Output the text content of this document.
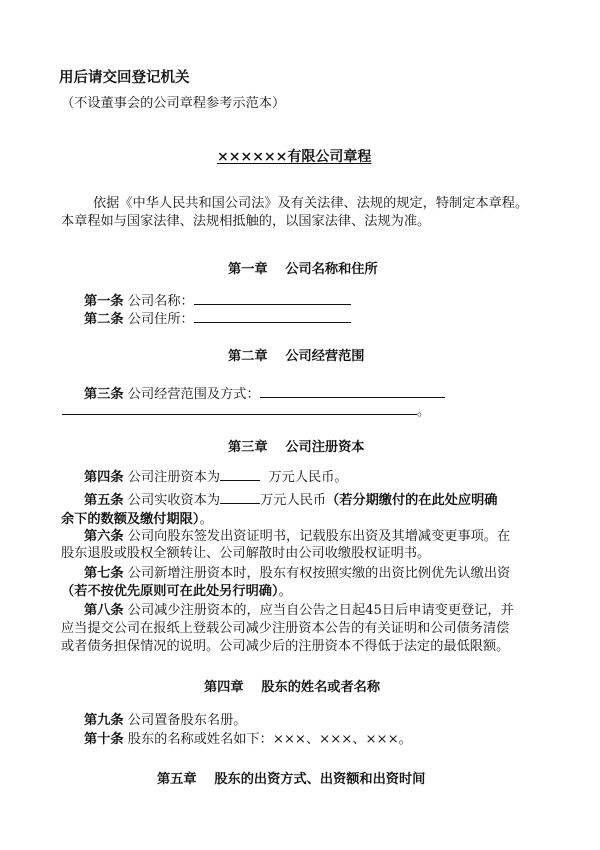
用后请交回登记机关
（不设董事会的公司章程参考示范本）
××××××有限公司章程
依据《中华人民共和国公司法》及有关法律、法规的规定，特制定本章程。
本章程如与国家法律、法规相抵触的，以国家法律、法规为准。
第一章　 公司名称和住所
第一条 公司名称：
第二条 公司住所：
第二章　 公司经营范围
第三条 公司经营范围及方式：
。
第三章　 公司注册资本
第四条 公司注册资本为	万元人民币。
第五条 公司实收资本为	万元人民币（若分期缴付的在此处应明确
余下的数额及缴付期限）。
第六条 公司向股东签发出资证明书，记载股东出资及其增减变更事项。在
股东退股或股权全额转让、公司解散时由公司收缴股权证明书。
第七条 公司新增注册资本时，股东有权按照实缴的出资比例优先认缴出资
（若不按优先原则可在此处另行明确）。
第八条 公司减少注册资本的，应当自公告之日起45日后申请变更登记，并
应当提交公司在报纸上登载公司减少注册资本公告的有关证明和公司债务清偿
或者债务担保情况的说明。公司减少后的注册资本不得低于法定的最低限额。
第四章　 股东的姓名或者名称
第九条 公司置备股东名册。
第十条 股东的名称或姓名如下：×××、×××、×××。
第五章　 股东的出资方式、出资额和出资时间
